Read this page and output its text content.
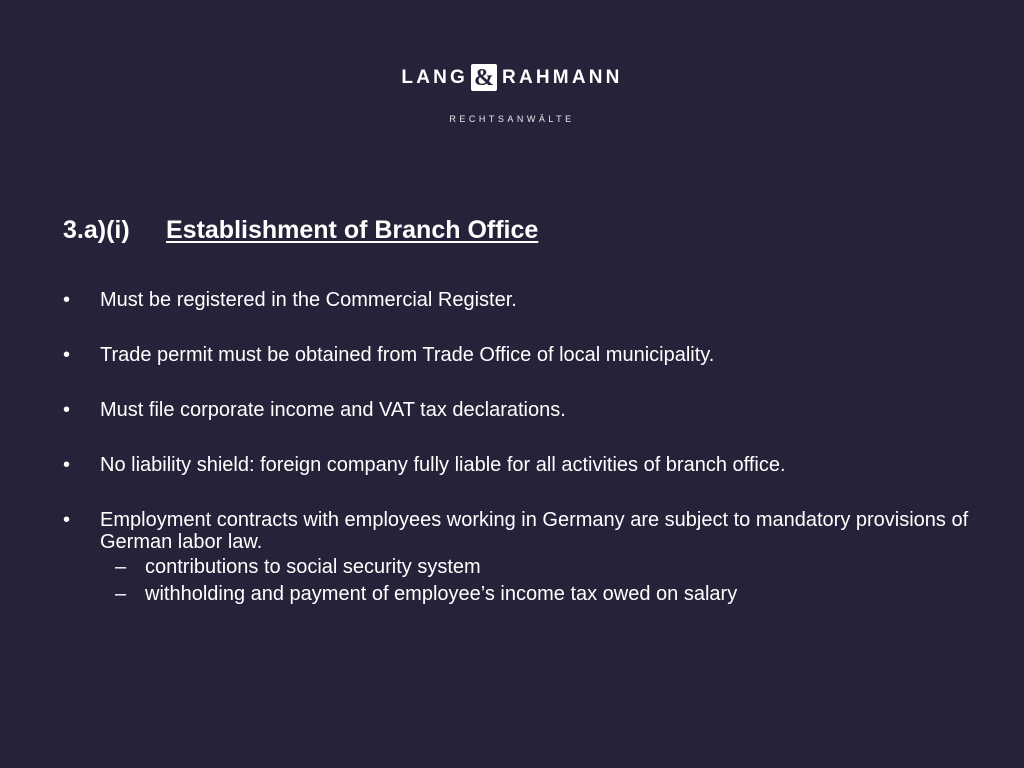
LANG & RAHMANN
RECHTSANWÄLTE
3.a)(i) Establishment of Branch Office
• Must be registered in the Commercial Register.
• Trade permit must be obtained from Trade Office of local municipality.
• Must file corporate income and VAT tax declarations.
• No liability shield: foreign company fully liable for all activities of branch office.
• Employment contracts with employees working in Germany are subject to mandatory provisions of German labor law.
– contributions to social security system
– withholding and payment of employee’s income tax owed on salary
